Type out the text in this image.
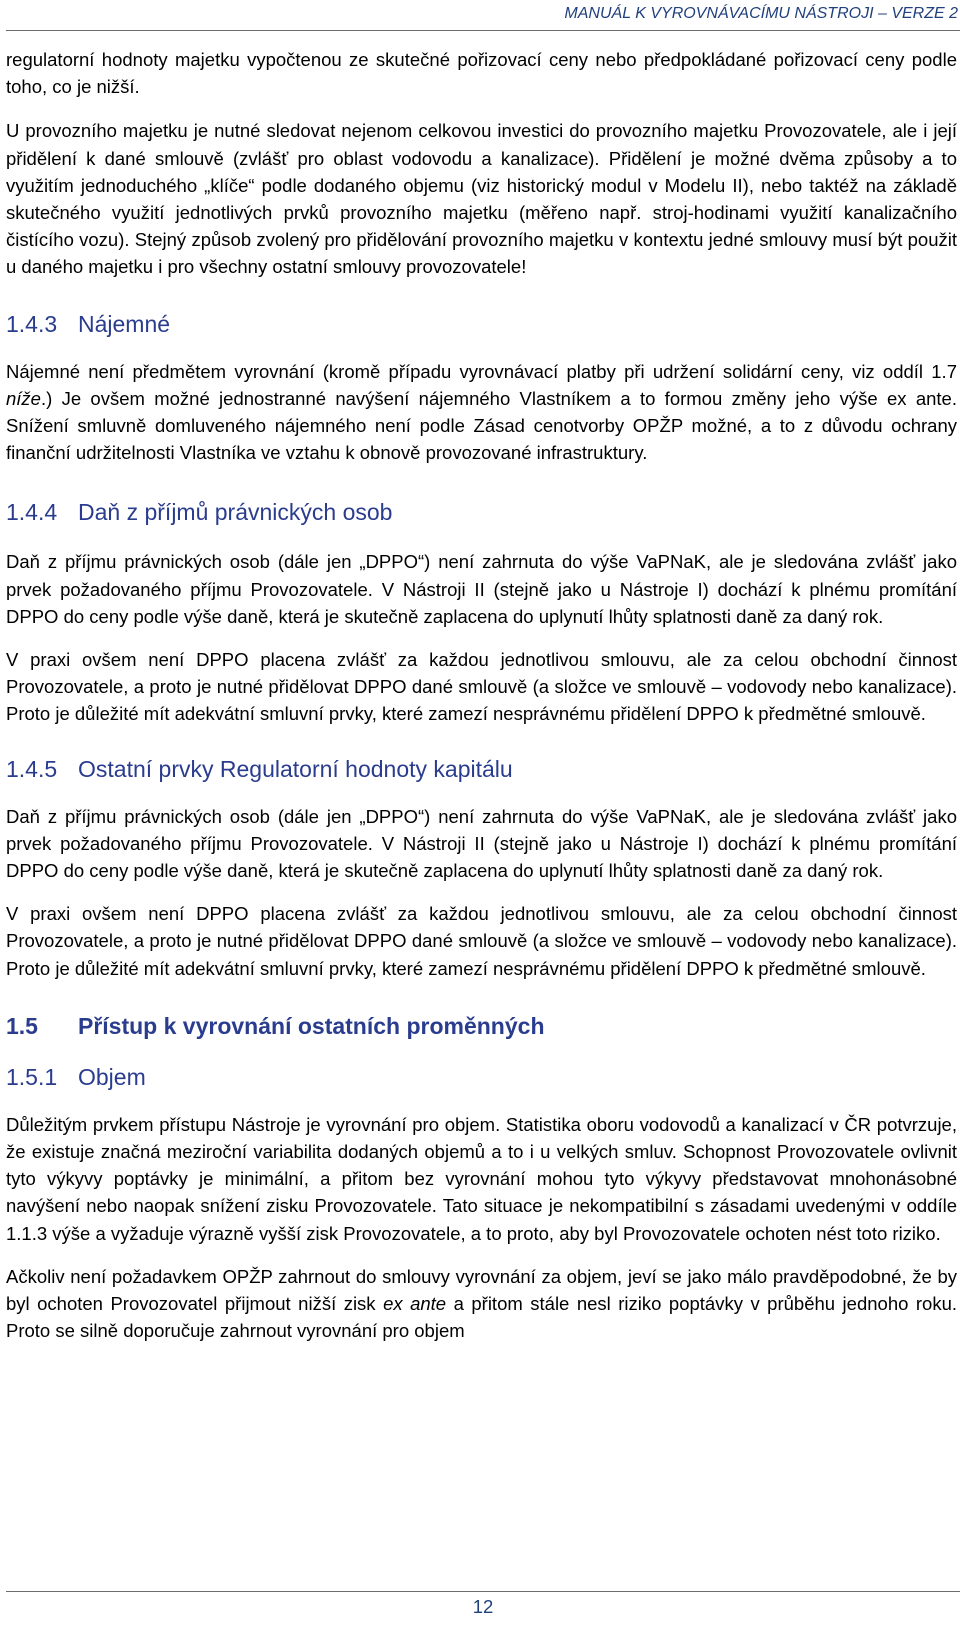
MANUÁL K VYROVNÁVACÍMU NÁSTROJI – VERZE 2

regulatorní hodnoty majetku vypočtenou ze skutečné pořizovací ceny nebo předpokládané pořizovací ceny podle toho, co je nižší.

U provozního majetku je nutné sledovat nejenom celkovou investici do provozního majetku Provozovatele, ale i její přidělení k dané smlouvě (zvlášť pro oblast vodovodu a kanalizace). Přidělení je možné dvěma způsoby a to využitím jednoduchého „klíče“ podle dodaného objemu (viz historický modul v Modelu II), nebo taktéž na základě skutečného využití jednotlivých prvků provozního majetku (měřeno např. stroj-hodinami využití kanalizačního čistícího vozu). Stejný způsob zvolený pro přidělování provozního majetku v kontextu jedné smlouvy musí být použit u daného majetku i pro všechny ostatní smlouvy provozovatele!

1.4.3 Nájemné

Nájemné není předmětem vyrovnání (kromě případu vyrovnávací platby při udržení solidární ceny, viz oddíl 1.7 níže.) Je ovšem možné jednostranné navýšení nájemného Vlastníkem a to formou změny jeho výše ex ante. Snížení smluvně domluveného nájemného není podle Zásad cenotvorby OPŽP možné, a to z důvodu ochrany finanční udržitelnosti Vlastníka ve vztahu k obnově provozované infrastruktury.

1.4.4 Daň z příjmů právnických osob

Daň z příjmu právnických osob (dále jen „DPPO“) není zahrnuta do výše VaPNaK, ale je sledována zvlášť jako prvek požadovaného příjmu Provozovatele. V Nástroji II (stejně jako u Nástroje I) dochází k plnému promítání DPPO do ceny podle výše daně, která je skutečně zaplacena do uplynutí lhůty splatnosti daně za daný rok.

V praxi ovšem není DPPO placena zvlášť za každou jednotlivou smlouvu, ale za celou obchodní činnost Provozovatele, a proto je nutné přidělovat DPPO dané smlouvě (a složce ve smlouvě – vodovody nebo kanalizace). Proto je důležité mít adekvátní smluvní prvky, které zamezí nesprávnému přidělení DPPO k předmětné smlouvě.

1.4.5 Ostatní prvky Regulatorní hodnoty kapitálu

Daň z příjmu právnických osob (dále jen „DPPO“) není zahrnuta do výše VaPNaK, ale je sledována zvlášť jako prvek požadovaného příjmu Provozovatele. V Nástroji II (stejně jako u Nástroje I) dochází k plnému promítání DPPO do ceny podle výše daně, která je skutečně zaplacena do uplynutí lhůty splatnosti daně za daný rok.

V praxi ovšem není DPPO placena zvlášť za každou jednotlivou smlouvu, ale za celou obchodní činnost Provozovatele, a proto je nutné přidělovat DPPO dané smlouvě (a složce ve smlouvě – vodovody nebo kanalizace). Proto je důležité mít adekvátní smluvní prvky, které zamezí nesprávnému přidělení DPPO k předmětné smlouvě.

1.5 Přístup k vyrovnání ostatních proměnných
1.5.1 Objem

Důležitým prvkem přístupu Nástroje je vyrovnání pro objem. Statistika oboru vodovodů a kanalizací v ČR potvrzuje, že existuje značná meziroční variabilita dodaných objemů a to i u velkých smluv. Schopnost Provozovatele ovlivnit tyto výkyvy poptávky je minimální, a přitom bez vyrovnání mohou tyto výkyvy představovat mnohonásobné navýšení nebo naopak snížení zisku Provozovatele. Tato situace je nekompatibilní s zásadami uvedenými v oddíle 1.1.3 výše a vyžaduje výrazně vyšší zisk Provozovatele, a to proto, aby byl Provozovatele ochoten nést toto riziko.

Ačkoliv není požadavkem OPŽP zahrnout do smlouvy vyrovnání za objem, jeví se jako málo pravděpodobné, že by byl ochoten Provozovatel přijmout nižší zisk ex ante a přitom stále nesl riziko poptávky v průběhu jednoho roku. Proto se silně doporučuje zahrnout vyrovnání pro objem

12
